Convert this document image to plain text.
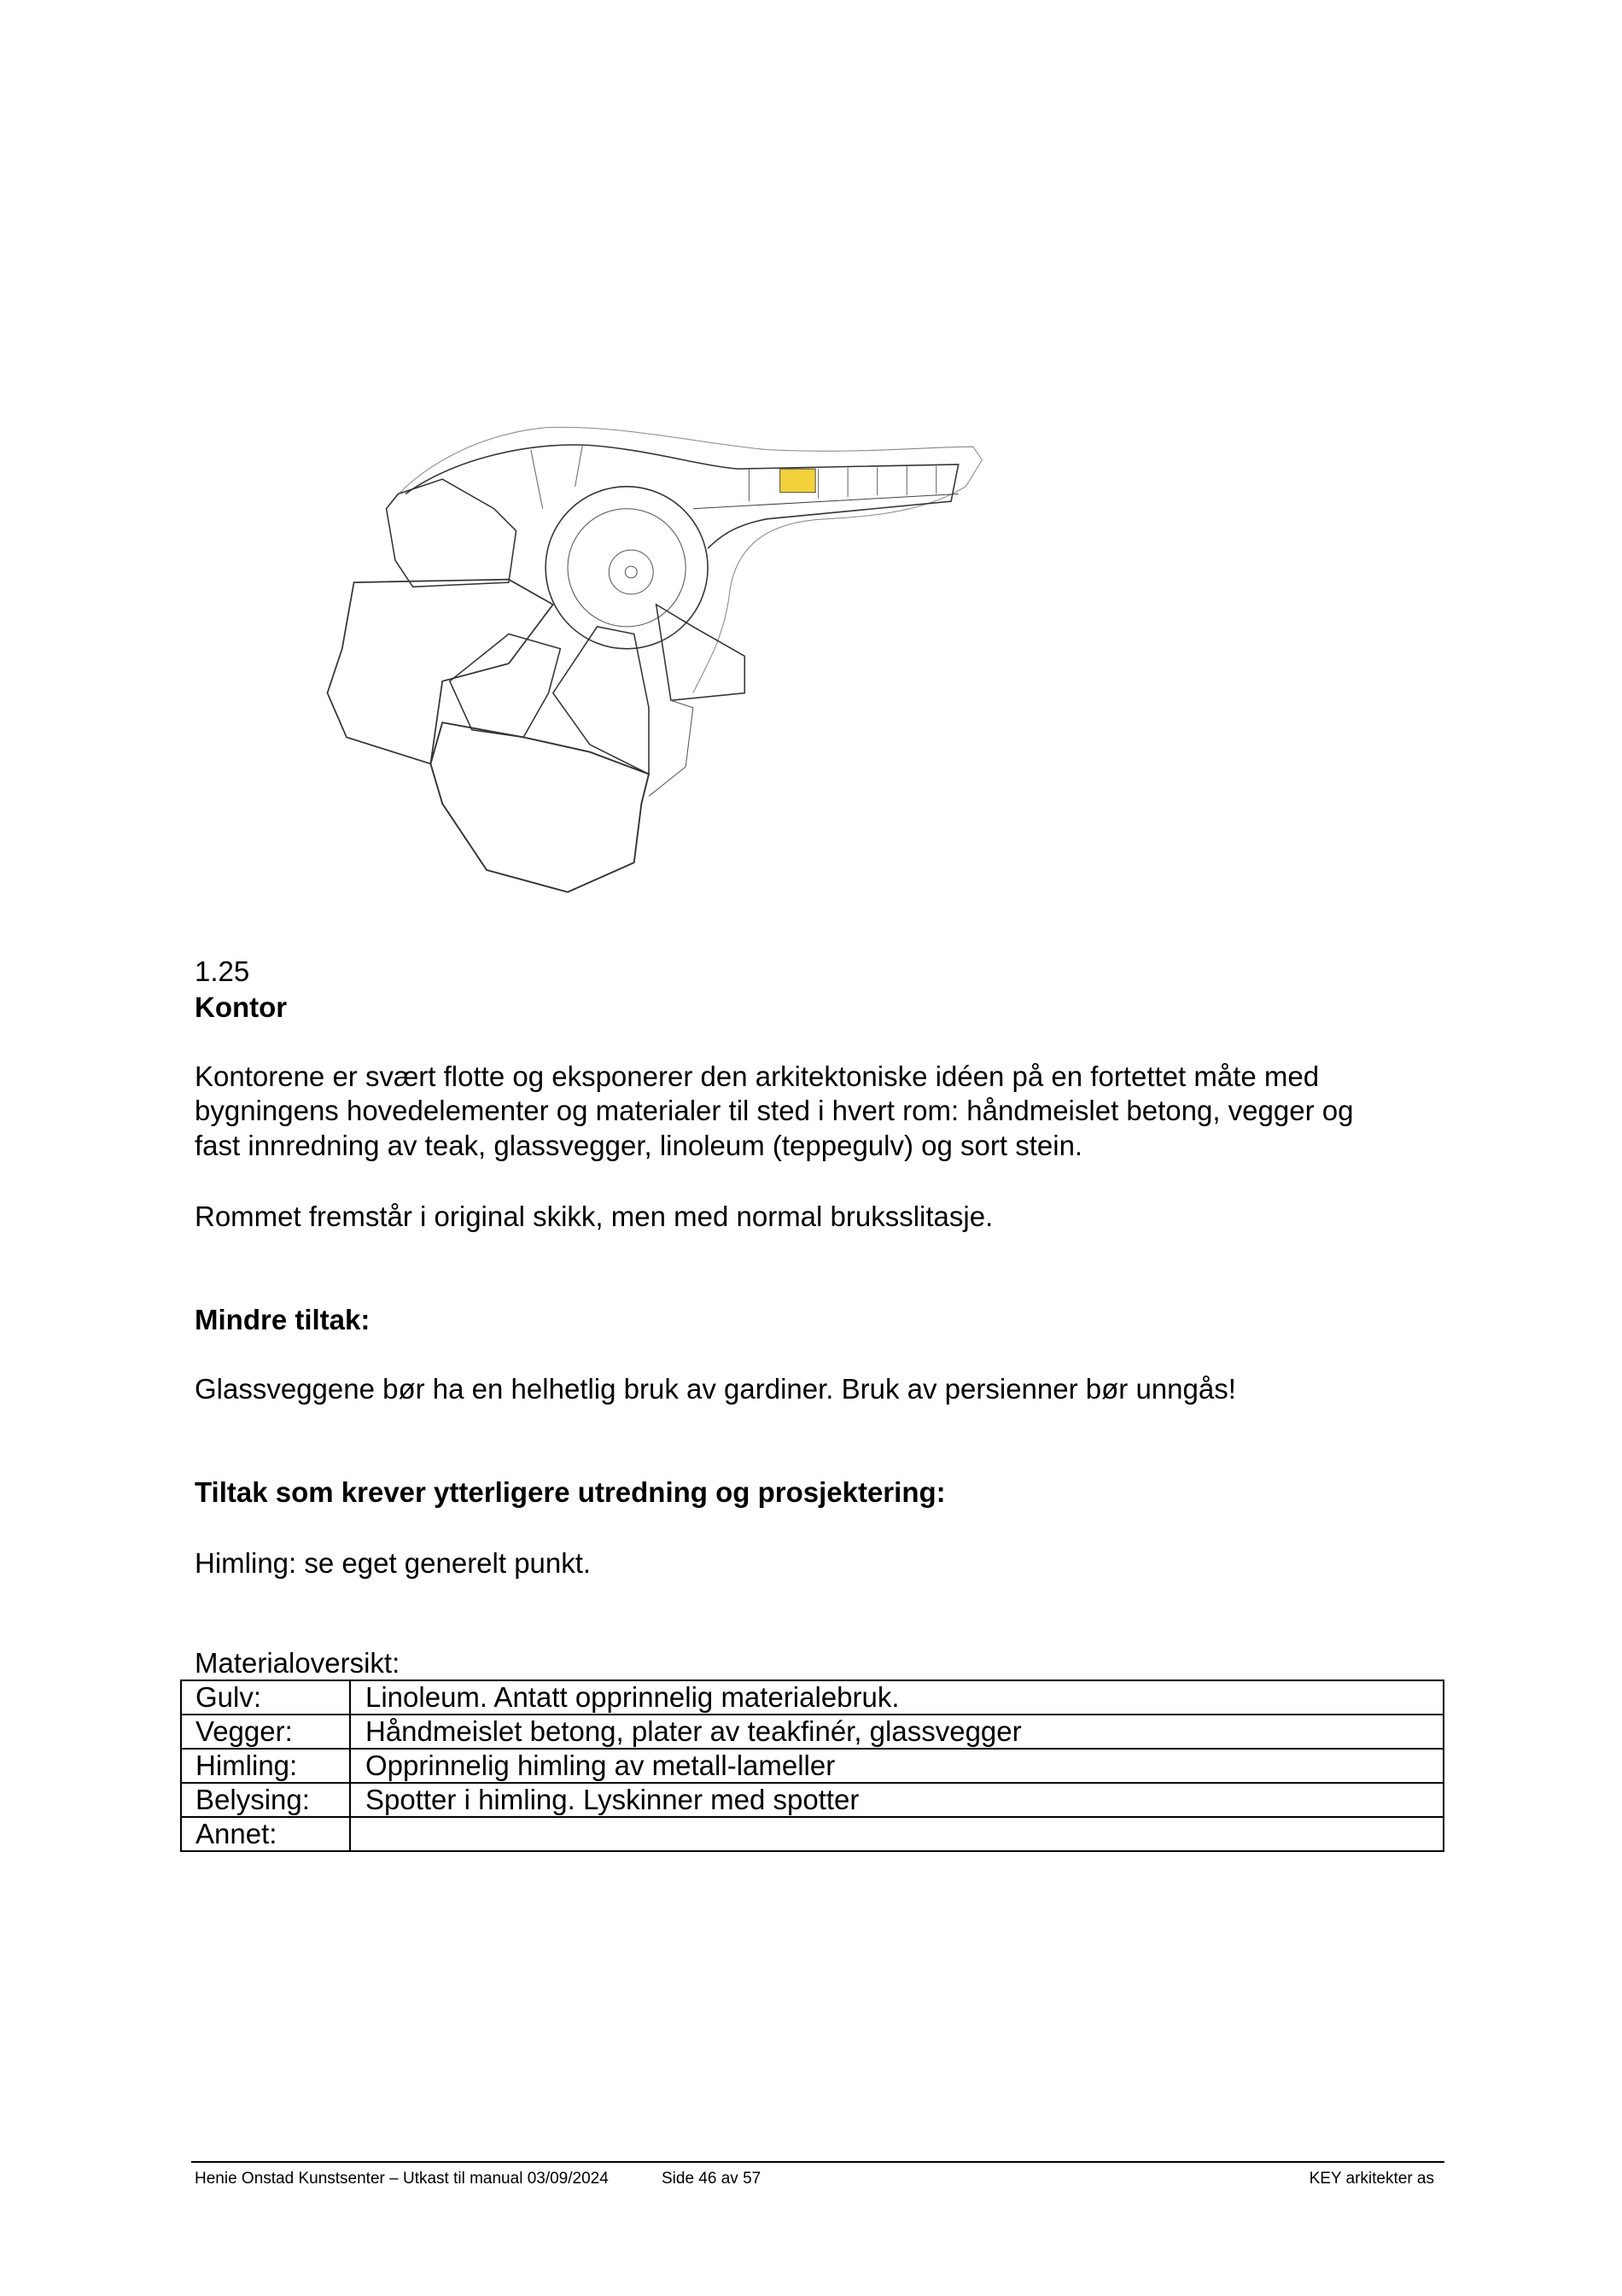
1.25
Kontor
Kontorene er svært flotte og eksponerer den arkitektoniske idéen på en fortettet måte med
bygningens hovedelementer og materialer til sted i hvert rom: håndmeislet betong, vegger og
fast innredning av teak, glassvegger, linoleum (teppegulv) og sort stein.
Rommet fremstår i original skikk, men med normal bruksslitasje.
Mindre tiltak:
Glassveggene bør ha en helhetlig bruk av gardiner. Bruk av persienner bør unngås!
Tiltak som krever ytterligere utredning og prosjektering:
Himling: se eget generelt punkt.
Materialoversikt:
Gulv:	Linoleum. Antatt opprinnelig materialebruk.
Vegger:	Håndmeislet betong, plater av teakfinér, glassvegger
Himling:	Opprinnelig himling av metall-lameller
Belysing:	Spotter i himling. Lyskinner med spotter
Annet:	
Henie Onstad Kunstsenter – Utkast til manual 03/09/2024	Side 46 av 57	KEY arkitekter as
